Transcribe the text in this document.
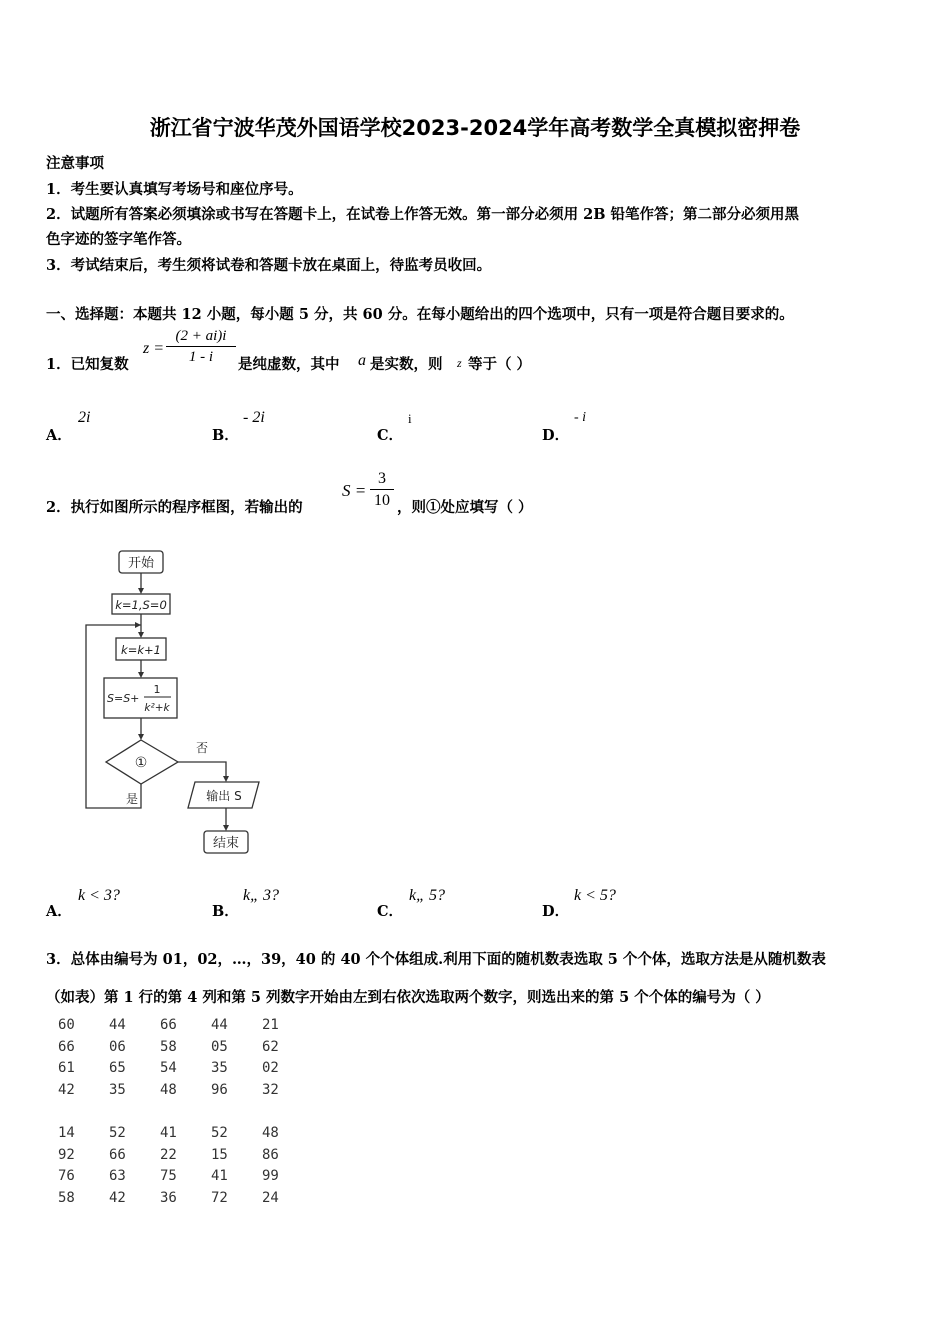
浙江省宁波华茂外国语学校2023-2024学年高考数学全真模拟密押卷
注意事项
1．考生要认真填写考场号和座位序号。
2．试题所有答案必须填涂或书写在答题卡上，在试卷上作答无效。第一部分必须用 2B 铅笔作答；第二部分必须用黑
色字迹的签字笔作答。
3．考试结束后，考生须将试卷和答题卡放在桌面上，待监考员收回。
一、选择题：本题共 12 小题，每小题 5 分，共 60 分。在每小题给出的四个选项中，只有一项是符合题目要求的。
1．已知复数
z =
(2 + ai)i
1 - i	是纯虚数，其中 a 是实数，则 z 等于（ ）
A．
2i
B．
- 2i
C．
i
D．
- i
2．执行如图所示的程序框图，若输出的
S =
3
10 ，则①处应填写（ ）
开始
k=1,S=0
k=k+1
S=S+
1
k²+k
①
否
是	输出 S
结束
A．
k < 3?
B．
k„ 3?
C．
k„ 5?
D．
k < 5?
3．总体由编号为 01，02，…，39，40 的 40 个个体组成.利用下面的随机数表选取 5 个个体，选取方法是从随机数表
（如表）第 1 行的第 4 列和第 5 列数字开始由左到右依次选取两个数字，则选出来的第 5 个个体的编号为（ ）
60 44 66 44 21
66 06 58 05 62
61 65 54 35 02
42 35 48 96 32
14 52 41 52 48
92 66 22 15 86
76 63 75 41 99
58 42 36 72 24
